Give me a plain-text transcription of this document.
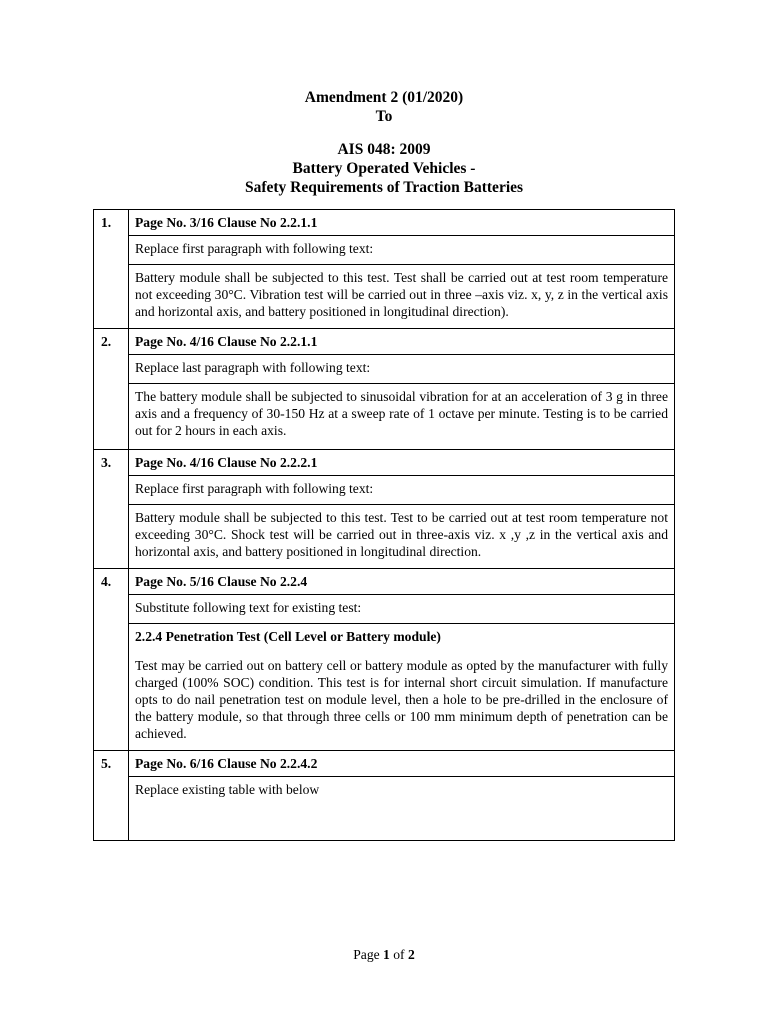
Amendment 2 (01/2020)
To
AIS 048: 2009
Battery Operated Vehicles -
Safety Requirements of Traction Batteries
1.	Page No. 3/16 Clause No 2.2.1.1
	Replace first paragraph with following text:
	Battery module shall be subjected to this test. Test shall be carried out at test room temperature not exceeding 30°C. Vibration test will be carried out in three –axis viz. x, y, z in the vertical axis and horizontal axis, and battery positioned in longitudinal direction).
2.	Page No. 4/16 Clause No 2.2.1.1
	Replace last paragraph with following text:
	The battery module shall be subjected to sinusoidal vibration for at an acceleration of 3 g in three axis and a frequency of 30-150 Hz at a sweep rate of 1 octave per minute. Testing is to be carried out for 2 hours in each axis.
3.	Page No. 4/16 Clause No 2.2.2.1
	Replace first paragraph with following text:
	Battery module shall be subjected to this test. Test to be carried out at test room temperature not exceeding 30°C. Shock test will be carried out in three-axis viz. x ,y ,z in the vertical axis and horizontal axis, and battery positioned in longitudinal direction.
4.	Page No. 5/16 Clause No 2.2.4
	Substitute following text for existing test:

	2.2.4 Penetration Test (Cell Level or Battery module)
Test may be carried out on battery cell or battery module as opted by the manufacturer with fully charged (100% SOC) condition. This test is for internal short circuit simulation. If manufacture opts to do nail penetration test on module level, then a hole to be pre-drilled in the enclosure of the battery module, so that through three cells or 100 mm minimum depth of penetration can be achieved.

5.	Page No. 6/16 Clause No 2.2.4.2
	Replace existing table with below
Page 1 of 2
